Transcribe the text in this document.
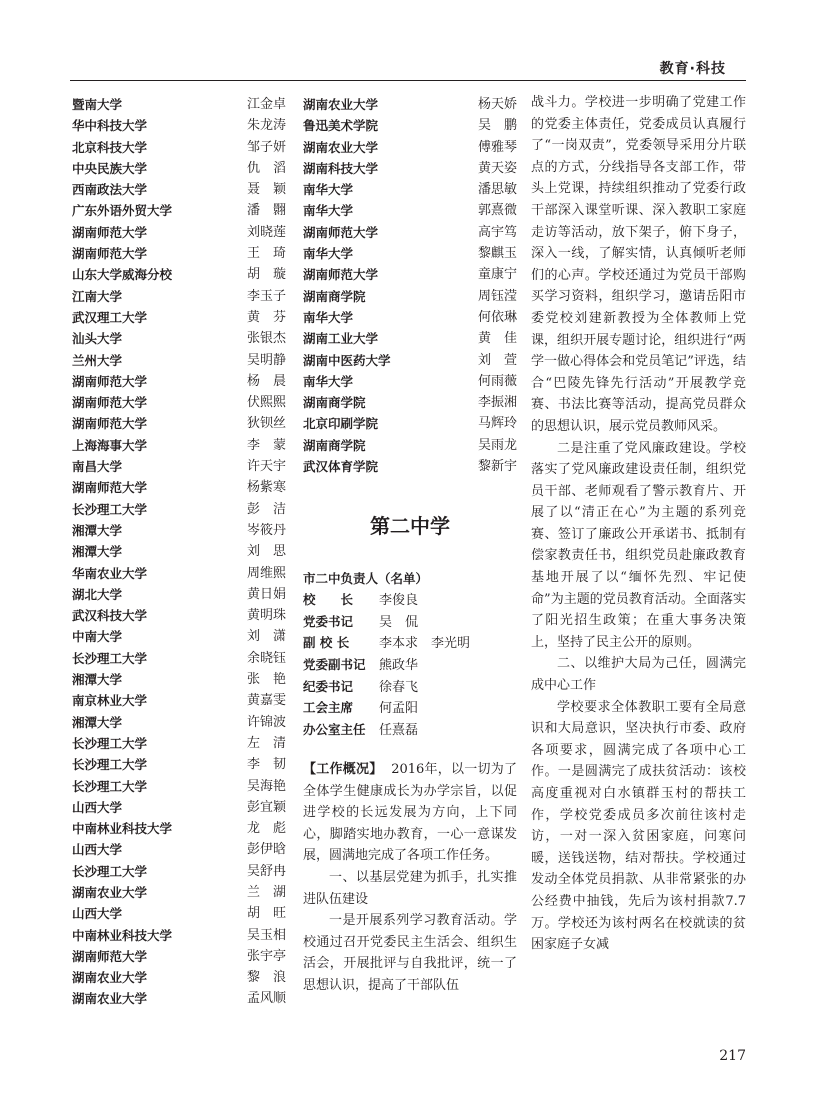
教育·科技
暨南大学	江金卓
华中科技大学	朱龙涛
北京科技大学	邹子妍
中央民族大学	仇　滔
西南政法大学	聂　颖
广东外语外贸大学	潘　翾
湖南师范大学	刘晓莲
湖南师范大学	王　琦
山东大学威海分校	胡　璇
江南大学	李玉子
武汉理工大学	黄　芬
汕头大学	张银杰
兰州大学	吴明静
湖南师范大学	杨　晨
湖南师范大学	伏熙熙
湖南师范大学	狄钡丝
上海海事大学	李　蒙
南昌大学	许天宇
湖南师范大学	杨紫寒
长沙理工大学	彭　洁
湘潭大学	岑筱丹
湘潭大学	刘　思
华南农业大学	周维熙
湖北大学	黄日娟
武汉科技大学	黄明珠
中南大学	刘　潇
长沙理工大学	余晓钰
湘潭大学	张　艳
南京林业大学	黄嘉雯
湘潭大学	许锦波
长沙理工大学	左　清
长沙理工大学	李　韧
长沙理工大学	吴海艳
山西大学	彭宜颖
中南林业科技大学	龙　彪
山西大学	彭伊晗
长沙理工大学	吴舒冉
湖南农业大学	兰　湖
山西大学	胡　旺
中南林业科技大学	吴玉相
湖南师范大学	张宇亭
湖南农业大学	黎　浪
湖南农业大学	孟风顺
湖南农业大学	杨天娇
鲁迅美术学院	吴　鹏
湖南农业大学	傅雅琴
湖南科技大学	黄天姿
南华大学	潘思敏
南华大学	郭熹微
湖南师范大学	高宇笃
南华大学	黎麒玉
湖南师范大学	童康宁
湖南商学院	周钰滢
南华大学	何依琳
湖南工业大学	黄　佳
湖南中医药大学	刘　萱
南华大学	何雨薇
湖南商学院	李振湘
北京印刷学院	马辉玲
湖南商学院	吴雨龙
武汉体育学院	黎新宇
第二中学
市二中负责人（名单）
校　　长 李俊良
党委书记 吴　侃
副 校 长 李本求　李光明
党委副书记 熊政华
纪委书记 徐春飞
工会主席 何孟阳
办公室主任 任熹磊

【工作概况】 2016年，以一切为了全体学生健康成长为办学宗旨，以促进学校的长远发展为方向，上下同心，脚踏实地办教育，一心一意谋发展，圆满地完成了各项工作任务。

一、以基层党建为抓手，扎实推进队伍建设

一是开展系列学习教育活动。学校通过召开党委民主生活会、组织生活会，开展批评与自我批评，统一了思想认识，提高了干部队伍

战斗力。学校进一步明确了党建工作的党委主体责任，党委成员认真履行了“一岗双责”，党委领导采用分片联点的方式，分线指导各支部工作，带头上党课，持续组织推动了党委行政干部深入课堂听课、深入教职工家庭走访等活动，放下架子，俯下身子，深入一线，了解实情，认真倾听老师们的心声。学校还通过为党员干部购买学习资料，组织学习，邀请岳阳市委党校刘建新教授为全体教师上党课，组织开展专题讨论，组织进行“两学一做心得体会和党员笔记”评选，结合“巴陵先锋先行活动”开展教学竞赛、书法比赛等活动，提高党员群众的思想认识，展示党员教师风采。

二是注重了党风廉政建设。学校落实了党风廉政建设责任制，组织党员干部、老师观看了警示教育片、开展了以“清正在心”为主题的系列竞赛、签订了廉政公开承诺书、抵制有偿家教责任书，组织党员赴廉政教育基地开展了以“缅怀先烈、牢记使命”为主题的党员教育活动。全面落实了阳光招生政策；在重大事务决策上，坚持了民主公开的原则。

二、以维护大局为己任，圆满完成中心工作

学校要求全体教职工要有全局意识和大局意识，坚决执行市委、政府各项要求，圆满完成了各项中心工作。一是圆满完了成扶贫活动：该校高度重视对白水镇群玉村的帮扶工作，学校党委成员多次前往该村走访，一对一深入贫困家庭，问寒问暖，送钱送物，结对帮扶。学校通过发动全体党员捐款、从非常紧张的办公经费中抽钱，先后为该村捐款7.7万。学校还为该村两名在校就读的贫困家庭子女减

217
